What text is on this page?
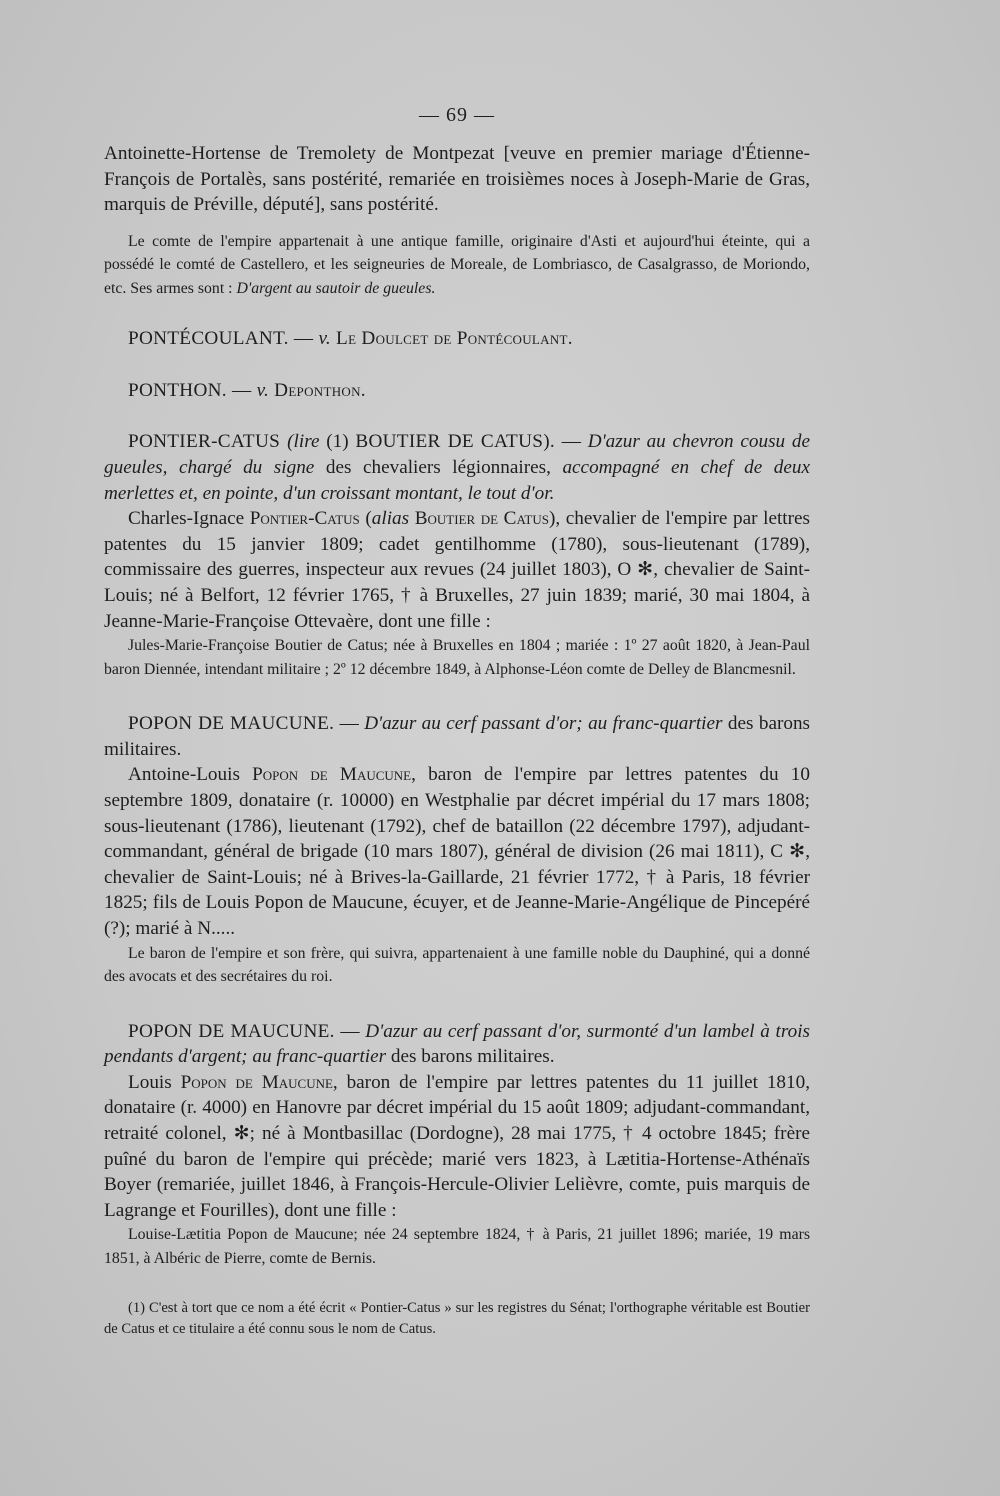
— 69 —

Antoinette-Hortense de Tremolety de Montpezat [veuve en premier mariage d'Étienne-François de Portalès, sans postérité, remariée en troisièmes noces à Joseph-Marie de Gras, marquis de Préville, député], sans postérité.

Le comte de l'empire appartenait à une antique famille, originaire d'Asti et aujourd'hui éteinte, qui a possédé le comté de Castellero, et les seigneuries de Moreale, de Lombriasco, de Casalgrasso, de Moriondo, etc. Ses armes sont : D'argent au sautoir de gueules.

PONTÉCOULANT. — v. Le Doulcet de Pontécoulant.

PONTHON. — v. Deponthon.

PONTIER-CATUS (lire (1) BOUTIER DE CATUS). — D'azur au chevron cousu de gueules, chargé du signe des chevaliers légionnaires, accompagné en chef de deux merlettes et, en pointe, d'un croissant montant, le tout d'or.

Charles-Ignace Pontier-Catus (alias Boutier de Catus), chevalier de l'empire par lettres patentes du 15 janvier 1809; cadet gentilhomme (1780), sous-lieutenant (1789), commissaire des guerres, inspecteur aux revues (24 juillet 1803), O ✻, chevalier de Saint-Louis; né à Belfort, 12 février 1765, † à Bruxelles, 27 juin 1839; marié, 30 mai 1804, à Jeanne-Marie-Françoise Ottevaère, dont une fille :

Jules-Marie-Françoise Boutier de Catus; née à Bruxelles en 1804 ; mariée : 1º 27 août 1820, à Jean-Paul baron Diennée, intendant militaire ; 2º 12 décembre 1849, à Alphonse-Léon comte de Delley de Blancmesnil.

POPON DE MAUCUNE. — D'azur au cerf passant d'or; au franc-quartier des barons militaires.

Antoine-Louis Popon de Maucune, baron de l'empire par lettres patentes du 10 septembre 1809, donataire (r. 10000) en Westphalie par décret impérial du 17 mars 1808; sous-lieutenant (1786), lieutenant (1792), chef de bataillon (22 décembre 1797), adjudant-commandant, général de brigade (10 mars 1807), général de division (26 mai 1811), C ✻, chevalier de Saint-Louis; né à Brives-la-Gaillarde, 21 février 1772, † à Paris, 18 février 1825; fils de Louis Popon de Maucune, écuyer, et de Jeanne-Marie-Angélique de Pincepéré (?); marié à N.....

Le baron de l'empire et son frère, qui suivra, appartenaient à une famille noble du Dauphiné, qui a donné des avocats et des secrétaires du roi.

POPON DE MAUCUNE. — D'azur au cerf passant d'or, surmonté d'un lambel à trois pendants d'argent; au franc-quartier des barons militaires.

Louis Popon de Maucune, baron de l'empire par lettres patentes du 11 juillet 1810, donataire (r. 4000) en Hanovre par décret impérial du 15 août 1809; adjudant-commandant, retraité colonel, ✻; né à Montbasillac (Dordogne), 28 mai 1775, † 4 octobre 1845; frère puîné du baron de l'empire qui précède; marié vers 1823, à Lætitia-Hortense-Athénaïs Boyer (remariée, juillet 1846, à François-Hercule-Olivier Lelièvre, comte, puis marquis de Lagrange et Fourilles), dont une fille :

Louise-Lætitia Popon de Maucune; née 24 septembre 1824, † à Paris, 21 juillet 1896; mariée, 19 mars 1851, à Albéric de Pierre, comte de Bernis.

(1) C'est à tort que ce nom a été écrit « Pontier-Catus » sur les registres du Sénat; l'orthographe véritable est Boutier de Catus et ce titulaire a été connu sous le nom de Catus.
